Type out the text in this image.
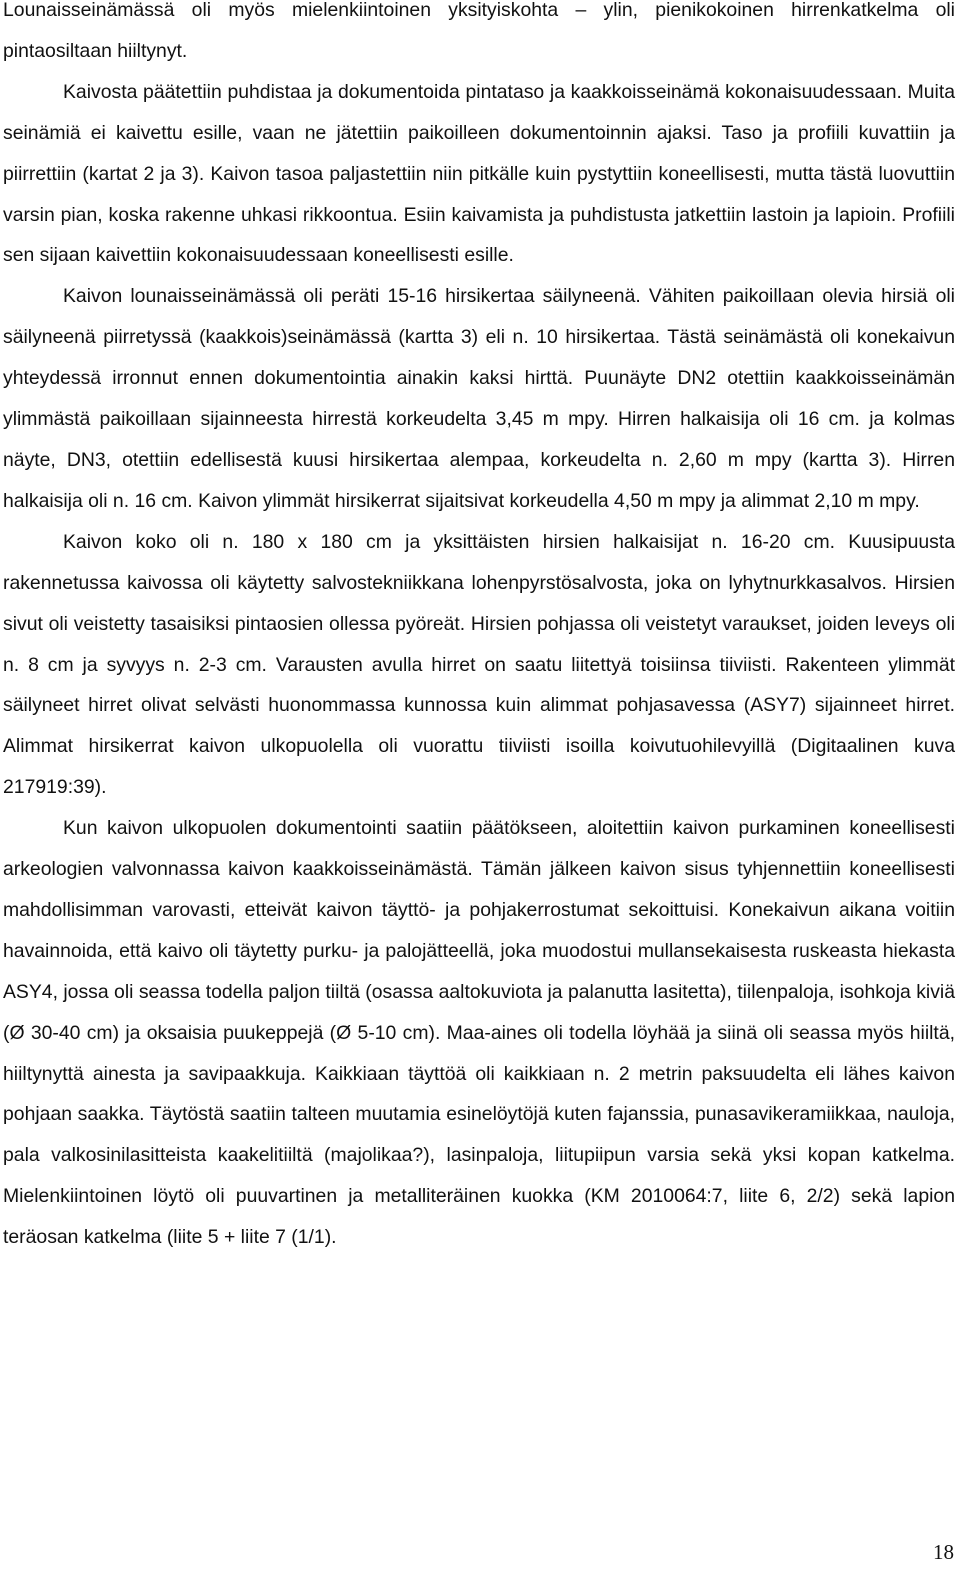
Lounaisseinämässä oli myös mielenkiintoinen yksityiskohta – ylin, pienikokoinen hirrenkatkelma oli pintaosiltaan hiiltynyt.

Kaivosta päätettiin puhdistaa ja dokumentoida pintataso ja kaakkoisseinämä kokonaisuudessaan. Muita seinämiä ei kaivettu esille, vaan ne jätettiin paikoilleen dokumentoinnin ajaksi. Taso ja profiili kuvattiin ja piirrettiin (kartat 2 ja 3). Kaivon tasoa paljastettiin niin pitkälle kuin pystyttiin koneellisesti, mutta tästä luovuttiin varsin pian, koska rakenne uhkasi rikkoontua. Esiin kaivamista ja puhdistusta jatkettiin lastoin ja lapioin. Profiili sen sijaan kaivettiin kokonaisuudessaan koneellisesti esille.

Kaivon lounaisseinämässä oli peräti 15-16 hirsikertaa säilyneenä. Vähiten paikoillaan olevia hirsiä oli säilyneenä piirretyssä (kaakkois)seinämässä (kartta 3) eli n. 10 hirsikertaa. Tästä seinämästä oli konekaivun yhteydessä irronnut ennen dokumentointia ainakin kaksi hirttä. Puunäyte DN2 otettiin kaakkoisseinämän ylimmästä paikoillaan sijainneesta hirrestä korkeudelta 3,45 m mpy. Hirren halkaisija oli 16 cm. ja kolmas näyte, DN3, otettiin edellisestä kuusi hirsikertaa alempaa, korkeudelta n. 2,60 m mpy (kartta 3). Hirren halkaisija oli n. 16 cm. Kaivon ylimmät hirsikerrat sijaitsivat korkeudella 4,50 m mpy ja alimmat 2,10 m mpy.

Kaivon koko oli n. 180 x 180 cm ja yksittäisten hirsien halkaisijat n. 16-20 cm. Kuusipuusta rakennetussa kaivossa oli käytetty salvostekniikkana lohenpyrstösalvosta, joka on lyhytnurkkasalvos. Hirsien sivut oli veistetty tasaisiksi pintaosien ollessa pyöreät. Hirsien pohjassa oli veistetyt varaukset, joiden leveys oli n. 8 cm ja syvyys n. 2-3 cm. Varausten avulla hirret on saatu liitettyä toisiinsa tiiviisti. Rakenteen ylimmät säilyneet hirret olivat selvästi huonommassa kunnossa kuin alimmat pohjasavessa (ASY7) sijainneet hirret. Alimmat hirsikerrat kaivon ulkopuolella oli vuorattu tiiviisti isoilla koivutuohilevyillä (Digitaalinen kuva 217919:39).

Kun kaivon ulkopuolen dokumentointi saatiin päätökseen, aloitettiin kaivon purkaminen koneellisesti arkeologien valvonnassa kaivon kaakkoisseinämästä. Tämän jälkeen kaivon sisus tyhjennettiin koneellisesti mahdollisimman varovasti, etteivät kaivon täyttö- ja pohjakerrostumat sekoittuisi. Konekaivun aikana voitiin havainnoida, että kaivo oli täytetty purku- ja palojätteellä, joka muodostui mullansekaisesta ruskeasta hiekasta ASY4, jossa oli seassa todella paljon tiiltä (osassa aaltokuviota ja palanutta lasitetta), tiilenpaloja, isohkoja kiviä (Ø 30-40 cm) ja oksaisia puukeppejä (Ø 5-10 cm). Maa-aines oli todella löyhää ja siinä oli seassa myös hiiltä, hiiltynyttä ainesta ja savipaakkuja. Kaikkiaan täyttöä oli kaikkiaan n. 2 metrin paksuudelta eli lähes kaivon pohjaan saakka. Täytöstä saatiin talteen muutamia esinelöytöjä kuten fajanssia, punasavikeramiikkaa, nauloja, pala valkosinilasitteista kaakelitiiltä (majolikaa?), lasinpaloja, liitupiipun varsia sekä yksi kopan katkelma. Mielenkiintoinen löytö oli puuvartinen ja metalliteräinen kuokka (KM 2010064:7, liite 6, 2/2) sekä lapion teräosan katkelma (liite 5 + liite 7 (1/1).

18
